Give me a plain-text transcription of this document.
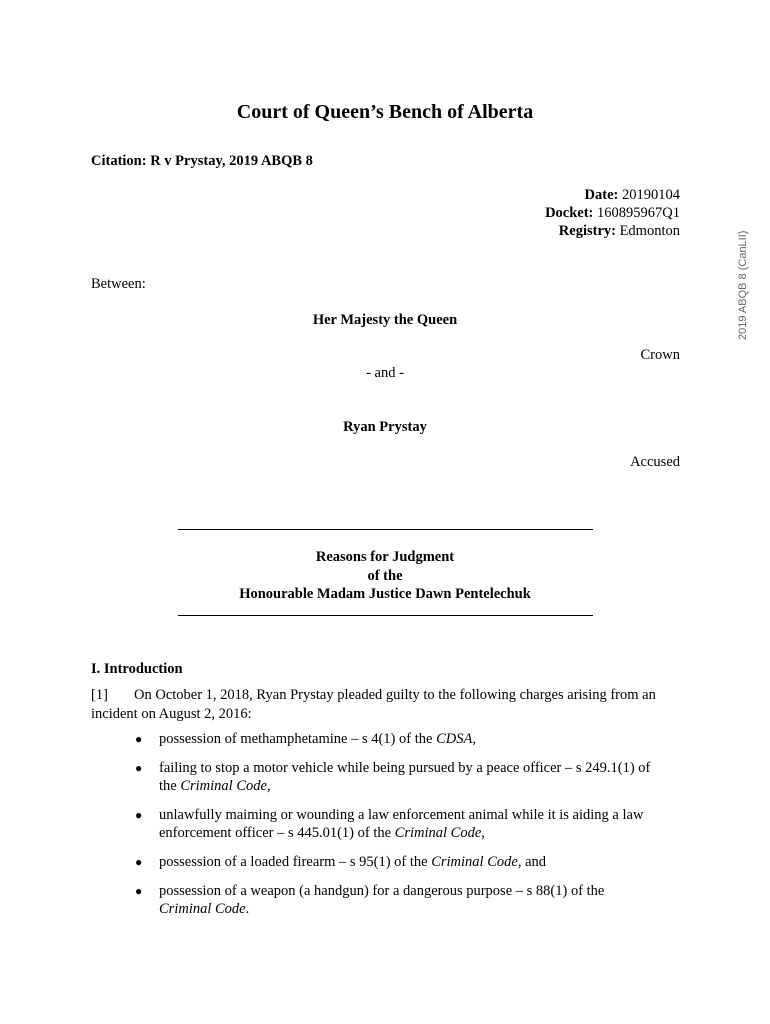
Court of Queen’s Bench of Alberta
Citation: R v Prystay, 2019 ABQB 8
Date: 20190104
Docket: 160895967Q1
Registry: Edmonton	2019 ABQB 8 (CanLII)
Between:
Her Majesty the Queen
Crown
- and -
Ryan Prystay
Accused
Reasons for Judgment
of the
Honourable Madam Justice Dawn Pentelechuk
I. Introduction
[1] On October 1, 2018, Ryan Prystay pleaded guilty to the following charges arising from an incident on August 2, 2016:
● possession of methamphetamine – s 4(1) of the CDSA,
● failing to stop a motor vehicle while being pursued by a peace officer – s 249.1(1) of the Criminal Code,
● unlawfully maiming or wounding a law enforcement animal while it is aiding a law enforcement officer – s 445.01(1) of the Criminal Code,
● possession of a loaded firearm – s 95(1) of the Criminal Code, and
● possession of a weapon (a handgun) for a dangerous purpose – s 88(1) of the Criminal Code.
